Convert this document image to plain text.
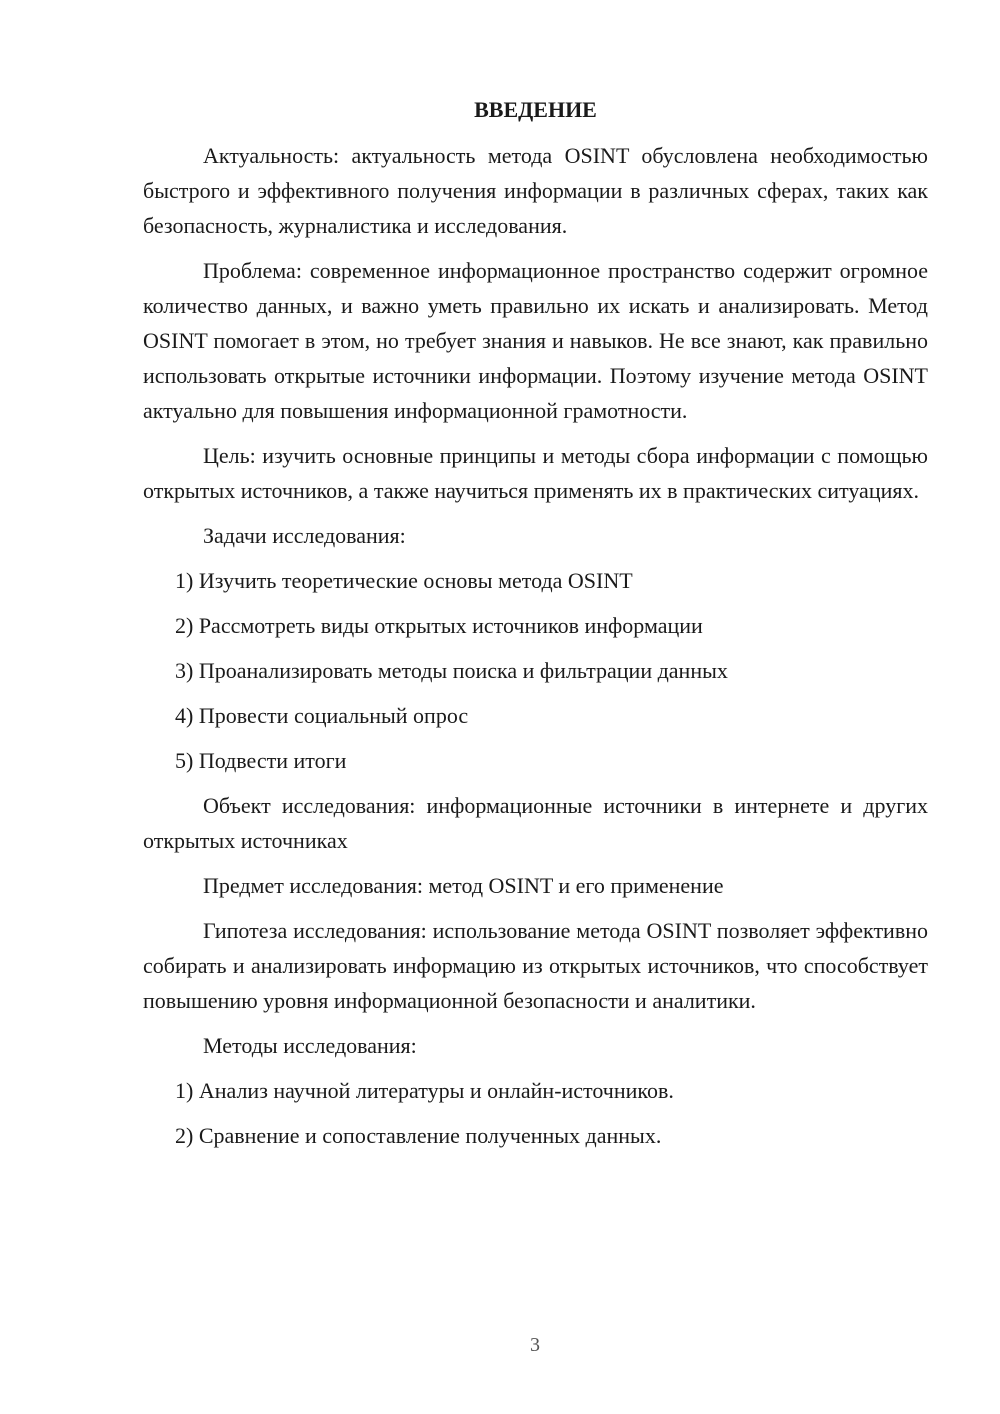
ВВЕДЕНИЕ

Актуальность: актуальность метода OSINT обусловлена необходимостью быстрого и эффективного получения информации в различных сферах, таких как безопасность, журналистика и исследования.

Проблема: современное информационное пространство содержит огромное количество данных, и важно уметь правильно их искать и анализировать. Метод OSINT помогает в этом, но требует знания и навыков. Не все знают, как правильно использовать открытые источники информации. Поэтому изучение метода OSINT актуально для повышения информационной грамотности.

Цель: изучить основные принципы и методы сбора информации с помощью открытых источников, а также научиться применять их в практических ситуациях.

Задачи исследования:

1) Изучить теоретические основы метода OSINT
2) Рассмотреть виды открытых источников информации
3) Проанализировать методы поиска и фильтрации данных
4) Провести социальный опрос
5) Подвести итоги

Объект исследования: информационные источники в интернете и других открытых источниках

Предмет исследования: метод OSINT и его применение

Гипотеза исследования: использование метода OSINT позволяет эффективно собирать и анализировать информацию из открытых источников, что способствует повышению уровня информационной безопасности и аналитики.

Методы исследования:

1) Анализ научной литературы и онлайн-источников.
2) Сравнение и сопоставление полученных данных.
3
